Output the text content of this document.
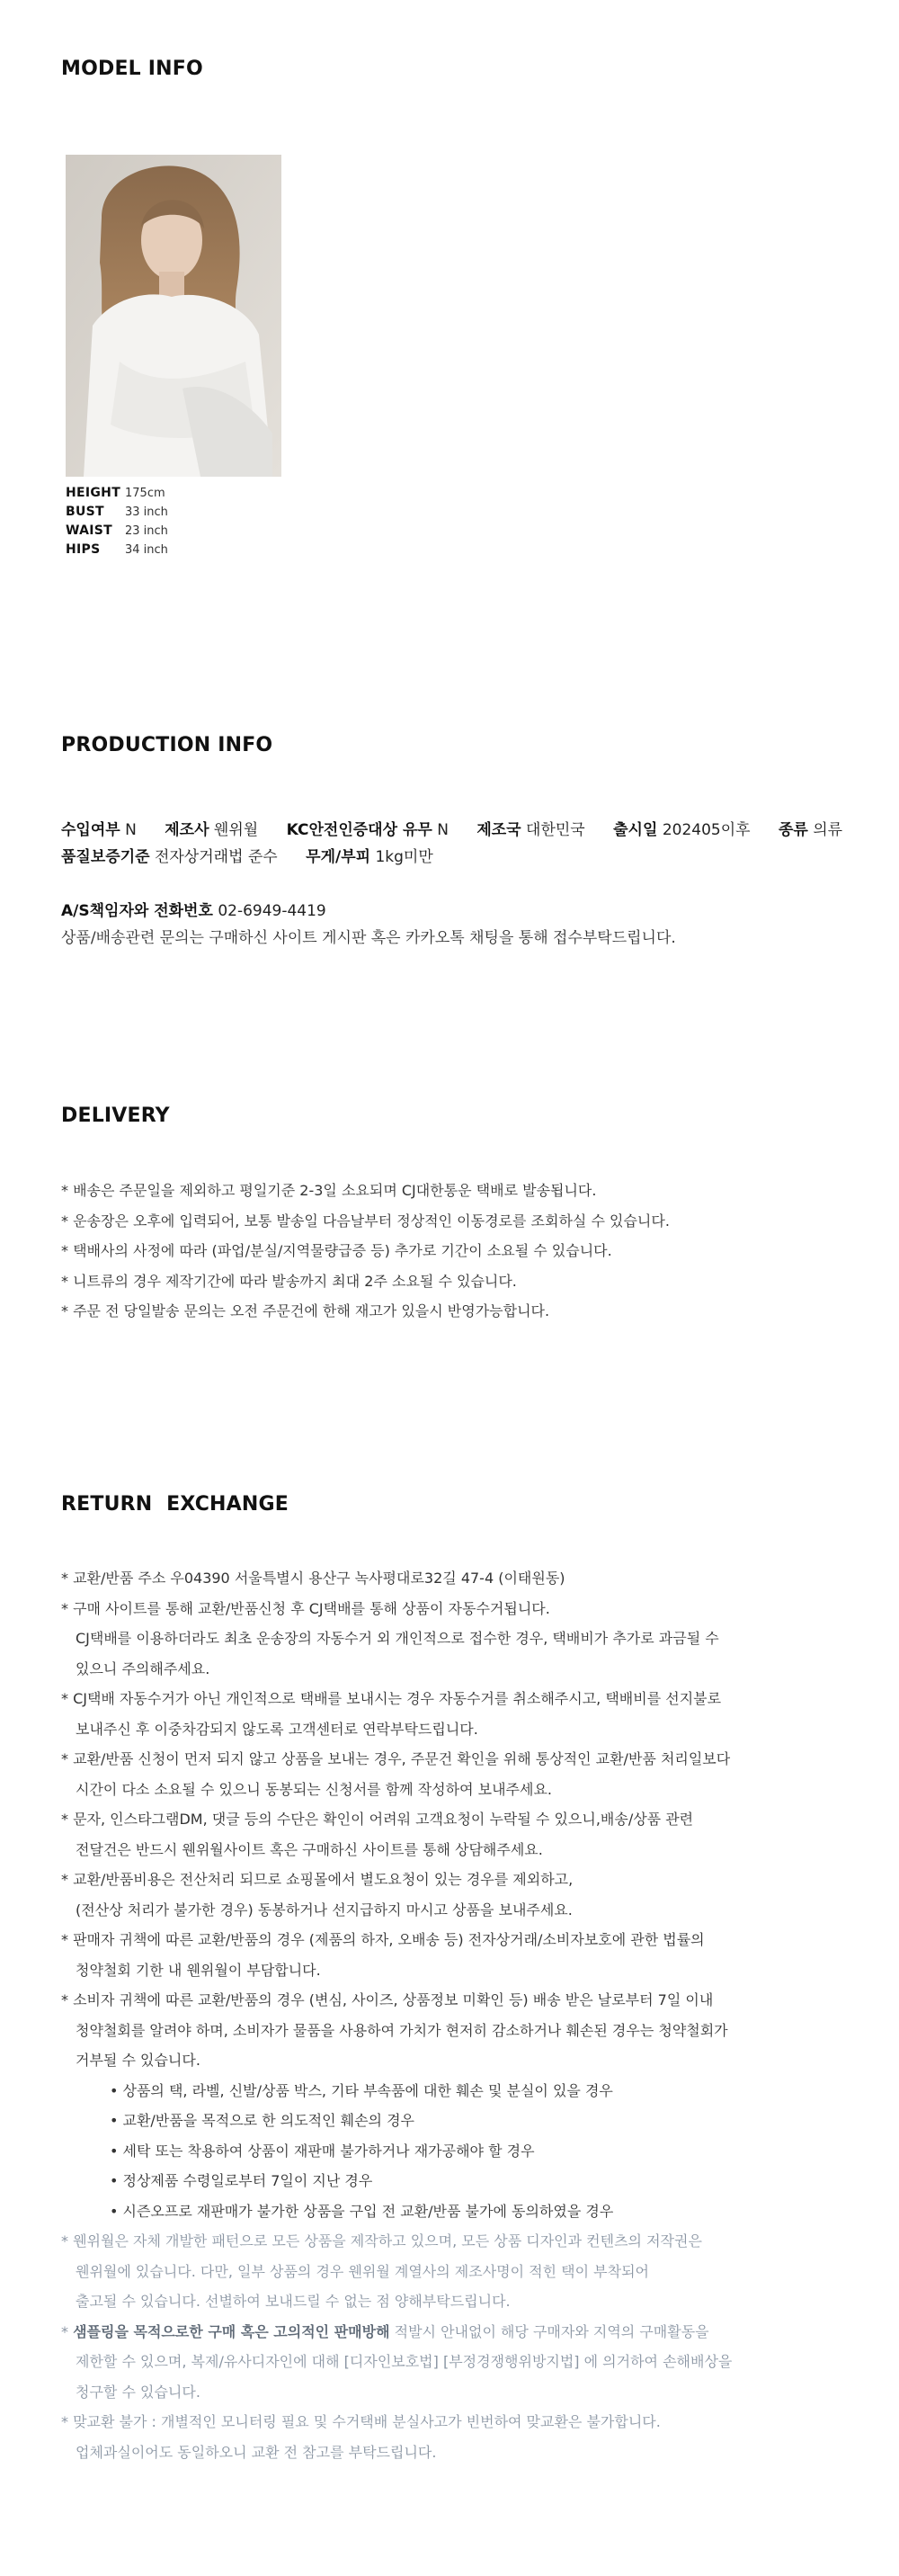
MODEL INFO
HEIGHT 175cm
BUST	33 inch
WAIST	23 inch
HIPS	34 inch
PRODUCTION INFO
수입여부 N 제조사 웬위월 KC안전인증대상 유무 N 제조국 대한민국 출시일 202405이후 종류 의류
품질보증기준 전자상거래법 준수 무게/부피 1kg미만
A/S책임자와 전화번호 02-6949-4419
상품/배송관련 문의는 구매하신 사이트 게시판 혹은 카카오톡 채팅을 통해 접수부탁드립니다.
DELIVERY
* 배송은 주문일을 제외하고 평일기준 2-3일 소요되며 CJ대한통운 택배로 발송됩니다.
* 운송장은 오후에 입력되어, 보통 발송일 다음날부터 정상적인 이동경로를 조회하실 수 있습니다.
* 택배사의 사정에 따라 (파업/분실/지역물량급증 등) 추가로 기간이 소요될 수 있습니다.
* 니트류의 경우 제작기간에 따라 발송까지 최대 2주 소요될 수 있습니다.
* 주문 전 당일발송 문의는 오전 주문건에 한해 재고가 있을시 반영가능합니다.
RETURN  EXCHANGE
* 교환/반품 주소 우04390 서울특별시 용산구 녹사평대로32길 47-4 (이태원동)
* 구매 사이트를 통해 교환/반품신청 후 CJ택배를 통해 상품이 자동수거됩니다.
CJ택배를 이용하더라도 최초 운송장의 자동수거 외 개인적으로 접수한 경우, 택배비가 추가로 과금될 수
있으니 주의해주세요.
* CJ택배 자동수거가 아닌 개인적으로 택배를 보내시는 경우 자동수거를 취소해주시고, 택배비를 선지불로
보내주신 후 이중차감되지 않도록 고객센터로 연락부탁드립니다.
* 교환/반품 신청이 먼저 되지 않고 상품을 보내는 경우, 주문건 확인을 위해 통상적인 교환/반품 처리일보다
시간이 다소 소요될 수 있으니 동봉되는 신청서를 함께 작성하여 보내주세요.
* 문자, 인스타그램DM, 댓글 등의 수단은 확인이 어려워 고객요청이 누락될 수 있으니,배송/상품 관련
전달건은 반드시 웬위월사이트 혹은 구매하신 사이트를 통해 상담해주세요.
* 교환/반품비용은 전산처리 되므로 쇼핑몰에서 별도요청이 있는 경우를 제외하고,
(전산상 처리가 불가한 경우) 동봉하거나 선지급하지 마시고 상품을 보내주세요.
* 판매자 귀책에 따른 교환/반품의 경우 (제품의 하자, 오배송 등) 전자상거래/소비자보호에 관한 법률의
청약철회 기한 내 웬위월이 부담합니다.
* 소비자 귀책에 따른 교환/반품의 경우 (변심, 사이즈, 상품정보 미확인 등) 배송 받은 날로부터 7일 이내
청약철회를 알려야 하며, 소비자가 물품을 사용하여 가치가 현저히 감소하거나 훼손된 경우는 청약철회가
거부될 수 있습니다.
• 상품의 택, 라벨, 신발/상품 박스, 기타 부속품에 대한 훼손 및 분실이 있을 경우
• 교환/반품을 목적으로 한 의도적인 훼손의 경우
• 세탁 또는 착용하여 상품이 재판매 불가하거나 재가공해야 할 경우
• 정상제품 수령일로부터 7일이 지난 경우
• 시즌오프로 재판매가 불가한 상품을 구입 전 교환/반품 불가에 동의하였을 경우
* 웬위월은 자체 개발한 패턴으로 모든 상품을 제작하고 있으며, 모든 상품 디자인과 컨텐츠의 저작권은
웬위월에 있습니다. 다만, 일부 상품의 경우 웬위월 계열사의 제조사명이 적힌 택이 부착되어
출고될 수 있습니다. 선별하여 보내드릴 수 없는 점 양해부탁드립니다.
* 샘플링을 목적으로한 구매 혹은 고의적인 판매방해 적발시 안내없이 해당 구매자와 지역의 구매활동을
제한할 수 있으며, 복제/유사디자인에 대해 [디자인보호법] [부정경쟁행위방지법] 에 의거하여 손해배상을
청구할 수 있습니다.
* 맞교환 불가 : 개별적인 모니터링 필요 및 수거택배 분실사고가 빈번하여 맞교환은 불가합니다.
업체과실이어도 동일하오니 교환 전 참고를 부탁드립니다.
